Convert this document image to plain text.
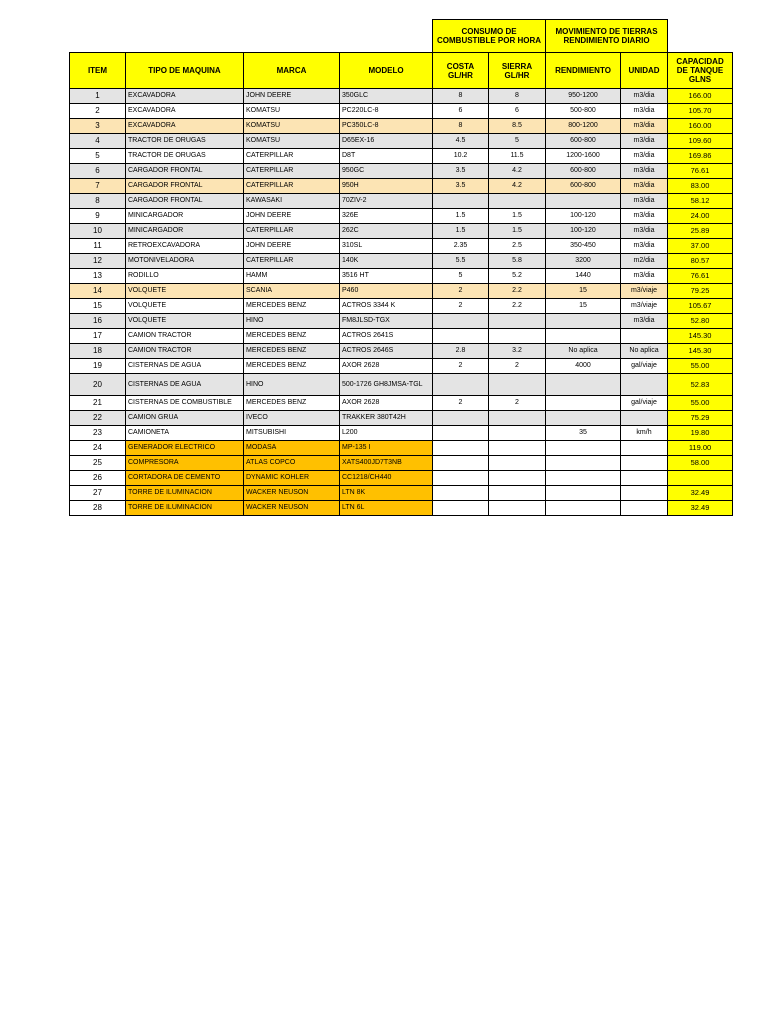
				CONSUMO DE COMBUSTIBLE POR HORA		MOVIMIENTO DE TIERRAS RENDIMIENTO DIARIO		
ITEM	TIPO DE MAQUINA	MARCA	MODELO	COSTA GL/HR	SIERRA GL/HR	RENDIMIENTO	UNIDAD	CAPACIDAD DE TANQUE GLNS
1	EXCAVADORA	JOHN DEERE	350GLC	8	8	950-1200	m3/dia	166.00
2	EXCAVADORA	KOMATSU	PC220LC-8	6	6	500-800	m3/dia	105.70
3	EXCAVADORA	KOMATSU	PC350LC-8	8	8.5	800-1200	m3/dia	160.00
4	TRACTOR DE ORUGAS	KOMATSU	D65EX-16	4.5	5	600-800	m3/dia	109.60
5	TRACTOR DE ORUGAS	CATERPILLAR	D8T	10.2	11.5	1200-1600	m3/dia	169.86
6	CARGADOR FRONTAL	CATERPILLAR	950GC	3.5	4.2	600-800	m3/dia	76.61
7	CARGADOR FRONTAL	CATERPILLAR	950H	3.5	4.2	600-800	m3/dia	83.00
8	CARGADOR FRONTAL	KAWASAKI	70ZIV-2				m3/dia	58.12
9	MINICARGADOR	JOHN DEERE	326E	1.5	1.5	100-120	m3/dia	24.00
10	MINICARGADOR	CATERPILLAR	262C	1.5	1.5	100-120	m3/dia	25.89
11	RETROEXCAVADORA	JOHN DEERE	310SL	2.35	2.5	350-450	m3/dia	37.00
12	MOTONIVELADORA	CATERPILLAR	140K	5.5	5.8	3200	m2/dia	80.57
13	RODILLO	HAMM	3516 HT	5	5.2	1440	m3/dia	76.61
14	VOLQUETE	SCANIA	P460	2	2.2	15	m3/viaje	79.25
15	VOLQUETE	MERCEDES BENZ	ACTROS 3344 K	2	2.2	15	m3/viaje	105.67
16	VOLQUETE	HINO	FM8JLSD-TGX				m3/dia	52.80
17	CAMION TRACTOR	MERCEDES BENZ	ACTROS 2641S					145.30
18	CAMION TRACTOR	MERCEDES BENZ	ACTROS 2646S	2.8	3.2	No aplica	No aplica	145.30
19	CISTERNAS DE AGUA	MERCEDES BENZ	AXOR 2628	2	2	4000	gal/viaje	55.00
20	CISTERNAS DE AGUA	HINO	500-1726 GH8JMSA-TGL					52.83
21	CISTERNAS DE COMBUSTIBLE	MERCEDES BENZ	AXOR 2628	2	2		gal/viaje	55.00
22	CAMION GRUA	IVECO	TRAKKER 380T42H					75.29
23	CAMIONETA	MITSUBISHI	L200			35	km/h	19.80
24	GENERADOR ELECTRICO	MODASA	MP-135 I					119.00
25	COMPRESORA	ATLAS COPCO	XATS400JD7T3NB					58.00
26	CORTADORA DE CEMENTO	DYNAMIC KOHLER	CC1218/CH440					
27	TORRE DE ILUMINACION	WACKER NEUSON	LTN 8K					32.49
28	TORRE DE ILUMINACION	WACKER NEUSON	LTN 6L					32.49
